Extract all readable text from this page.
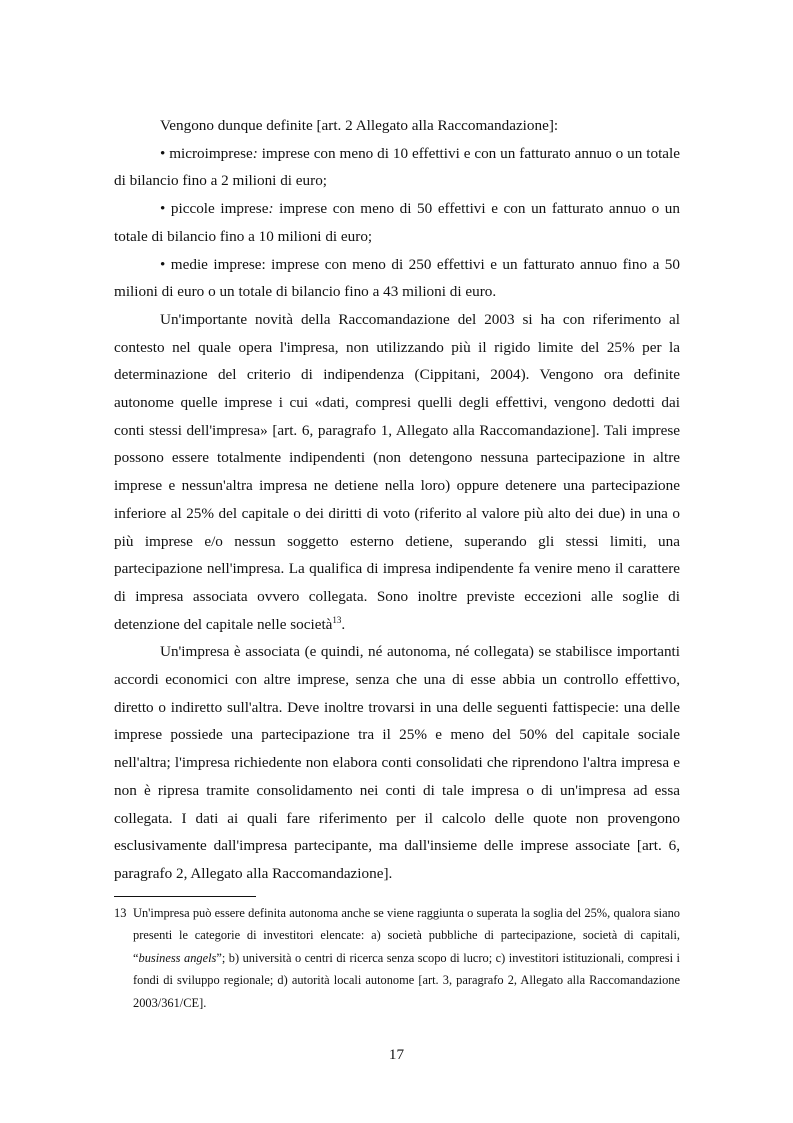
Vengono dunque definite [art. 2 Allegato alla Raccomandazione]:

• microimprese: imprese con meno di 10 effettivi e con un fatturato annuo o un totale di bilancio fino a 2 milioni di euro;

• piccole imprese: imprese con meno di 50 effettivi e con un fatturato annuo o un totale di bilancio fino a 10 milioni di euro;

• medie imprese: imprese con meno di 250 effettivi e un fatturato annuo fino a 50 milioni di euro o un totale di bilancio fino a 43 milioni di euro.

Un'importante novità della Raccomandazione del 2003 si ha con riferimento al contesto nel quale opera l'impresa, non utilizzando più il rigido limite del 25% per la determinazione del criterio di indipendenza (Cippitani, 2004). Vengono ora definite autonome quelle imprese i cui «dati, compresi quelli degli effettivi, vengono dedotti dai conti stessi dell'impresa» [art. 6, paragrafo 1, Allegato alla Raccomandazione]. Tali imprese possono essere totalmente indipendenti (non detengono nessuna partecipazione in altre imprese e nessun'altra impresa ne detiene nella loro) oppure detenere una partecipazione inferiore al 25% del capitale o dei diritti di voto (riferito al valore più alto dei due) in una o più imprese e/o nessun soggetto esterno detiene, superando gli stessi limiti, una partecipazione nell'impresa. La qualifica di impresa indipendente fa venire meno il carattere di impresa associata ovvero collegata. Sono inoltre previste eccezioni alle soglie di detenzione del capitale nelle società$^{13}$.

Un'impresa è associata (e quindi, né autonoma, né collegata) se stabilisce importanti accordi economici con altre imprese, senza che una di esse abbia un controllo effettivo, diretto o indiretto sull'altra. Deve inoltre trovarsi in una delle seguenti fattispecie: una delle imprese possiede una partecipazione tra il 25% e meno del 50% del capitale sociale nell'altra; l'impresa richiedente non elabora conti consolidati che riprendono l'altra impresa e non è ripresa tramite consolidamento nei conti di tale impresa o di un'impresa ad essa collegata. I dati ai quali fare riferimento per il calcolo delle quote non provengono esclusivamente dall'impresa partecipante, ma dall'insieme delle imprese associate [art. 6, paragrafo 2, Allegato alla Raccomandazione].

13 Un'impresa può essere definita autonoma anche se viene raggiunta o superata la soglia del 25%, qualora siano presenti le categorie di investitori elencate: a) società pubbliche di partecipazione, società di capitali, “business angels”; b) università o centri di ricerca senza scopo di lucro; c) investitori istituzionali, compresi i fondi di sviluppo regionale; d) autorità locali autonome [art. 3, paragrafo 2, Allegato alla Raccomandazione 2003/361/CE].
17
